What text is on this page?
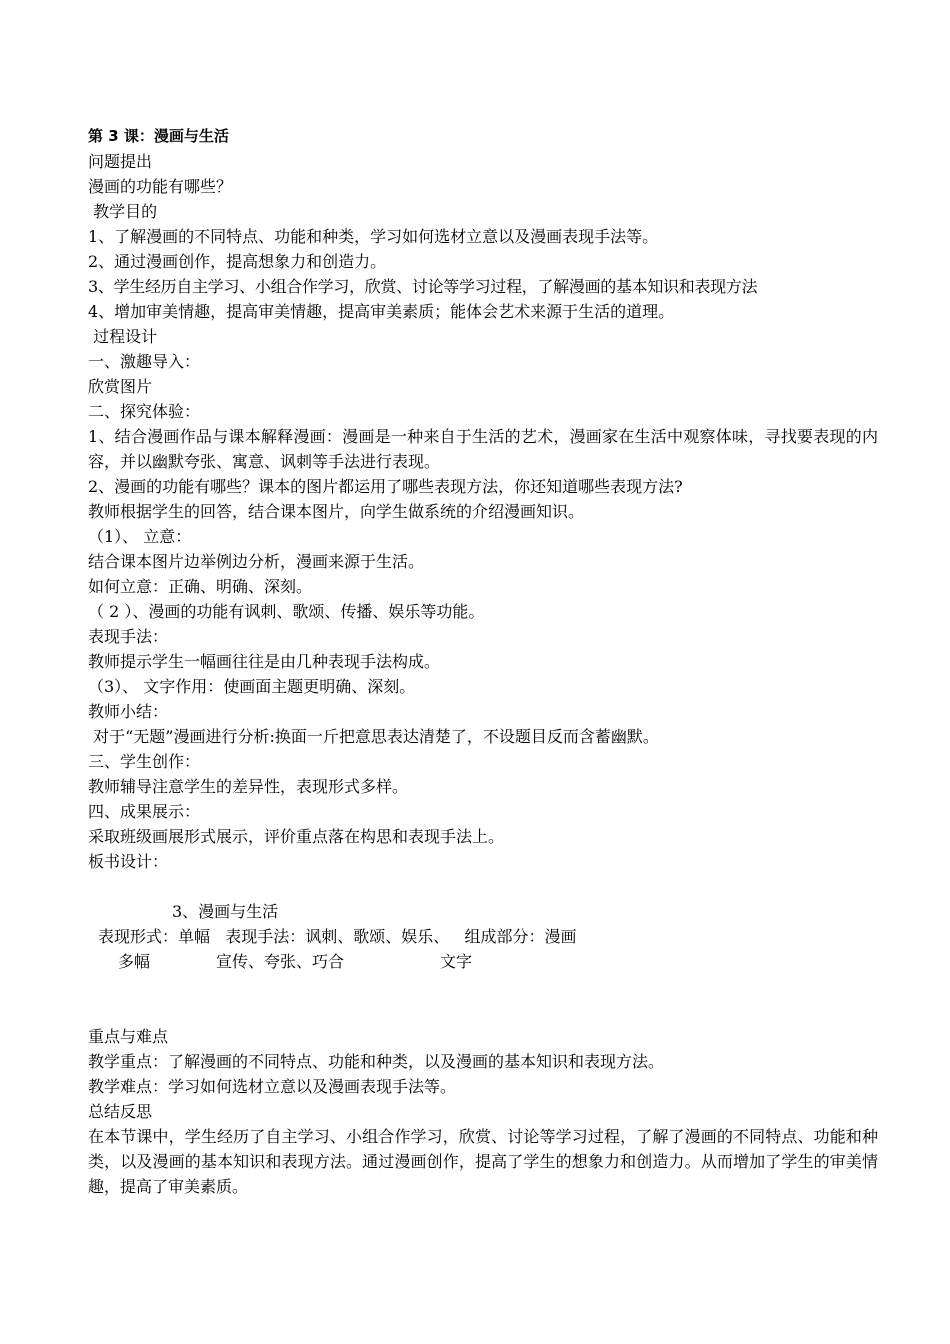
第 3 课：漫画与生活
问题提出
漫画的功能有哪些？
教学目的
1、了解漫画的不同特点、功能和种类，学习如何选材立意以及漫画表现手法等。
2、通过漫画创作，提高想象力和创造力。
3、学生经历自主学习、小组合作学习，欣赏、讨论等学习过程，了解漫画的基本知识和表现方法
4、增加审美情趣，提高审美情趣，提高审美素质；能体会艺术来源于生活的道理。
过程设计
一、激趣导入：
欣赏图片
二、探究体验：
1、结合漫画作品与课本解释漫画：漫画是一种来自于生活的艺术，漫画家在生活中观察体味，寻找要表现的内容，并以幽默夸张、寓意、讽刺等手法进行表现。
2、漫画的功能有哪些？课本的图片都运用了哪些表现方法，你还知道哪些表现方法?
教师根据学生的回答，结合课本图片，向学生做系统的介绍漫画知识。
（1）、 立意：
结合课本图片边举例边分析，漫画来源于生活。
如何立意：正确、明确、深刻。
（ 2 ）、漫画的功能有讽刺、歌颂、传播、娱乐等功能。
表现手法：
教师提示学生一幅画往往是由几种表现手法构成。
（3）、 文字作用：使画面主题更明确、深刻。
教师小结：
对于“无题”漫画进行分析:换面一斤把意思表达清楚了，不设题目反而含蓄幽默。
三、学生创作：
教师辅导注意学生的差异性，表现形式多样。
四、成果展示：
采取班级画展形式展示，评价重点落在构思和表现手法上。
板书设计：
3、漫画与生活
表现形式：单幅   表现手法：讽刺、歌颂、娱乐、   组成部分：漫画
多幅	宣传、夸张、巧合	文字
重点与难点
教学重点：了解漫画的不同特点、功能和种类，以及漫画的基本知识和表现方法。
教学难点：学习如何选材立意以及漫画表现手法等。
总结反思
在本节课中，学生经历了自主学习、小组合作学习，欣赏、讨论等学习过程，了解了漫画的不同特点、功能和种类，以及漫画的基本知识和表现方法。通过漫画创作，提高了学生的想象力和创造力。从而增加了学生的审美情趣，提高了审美素质。
